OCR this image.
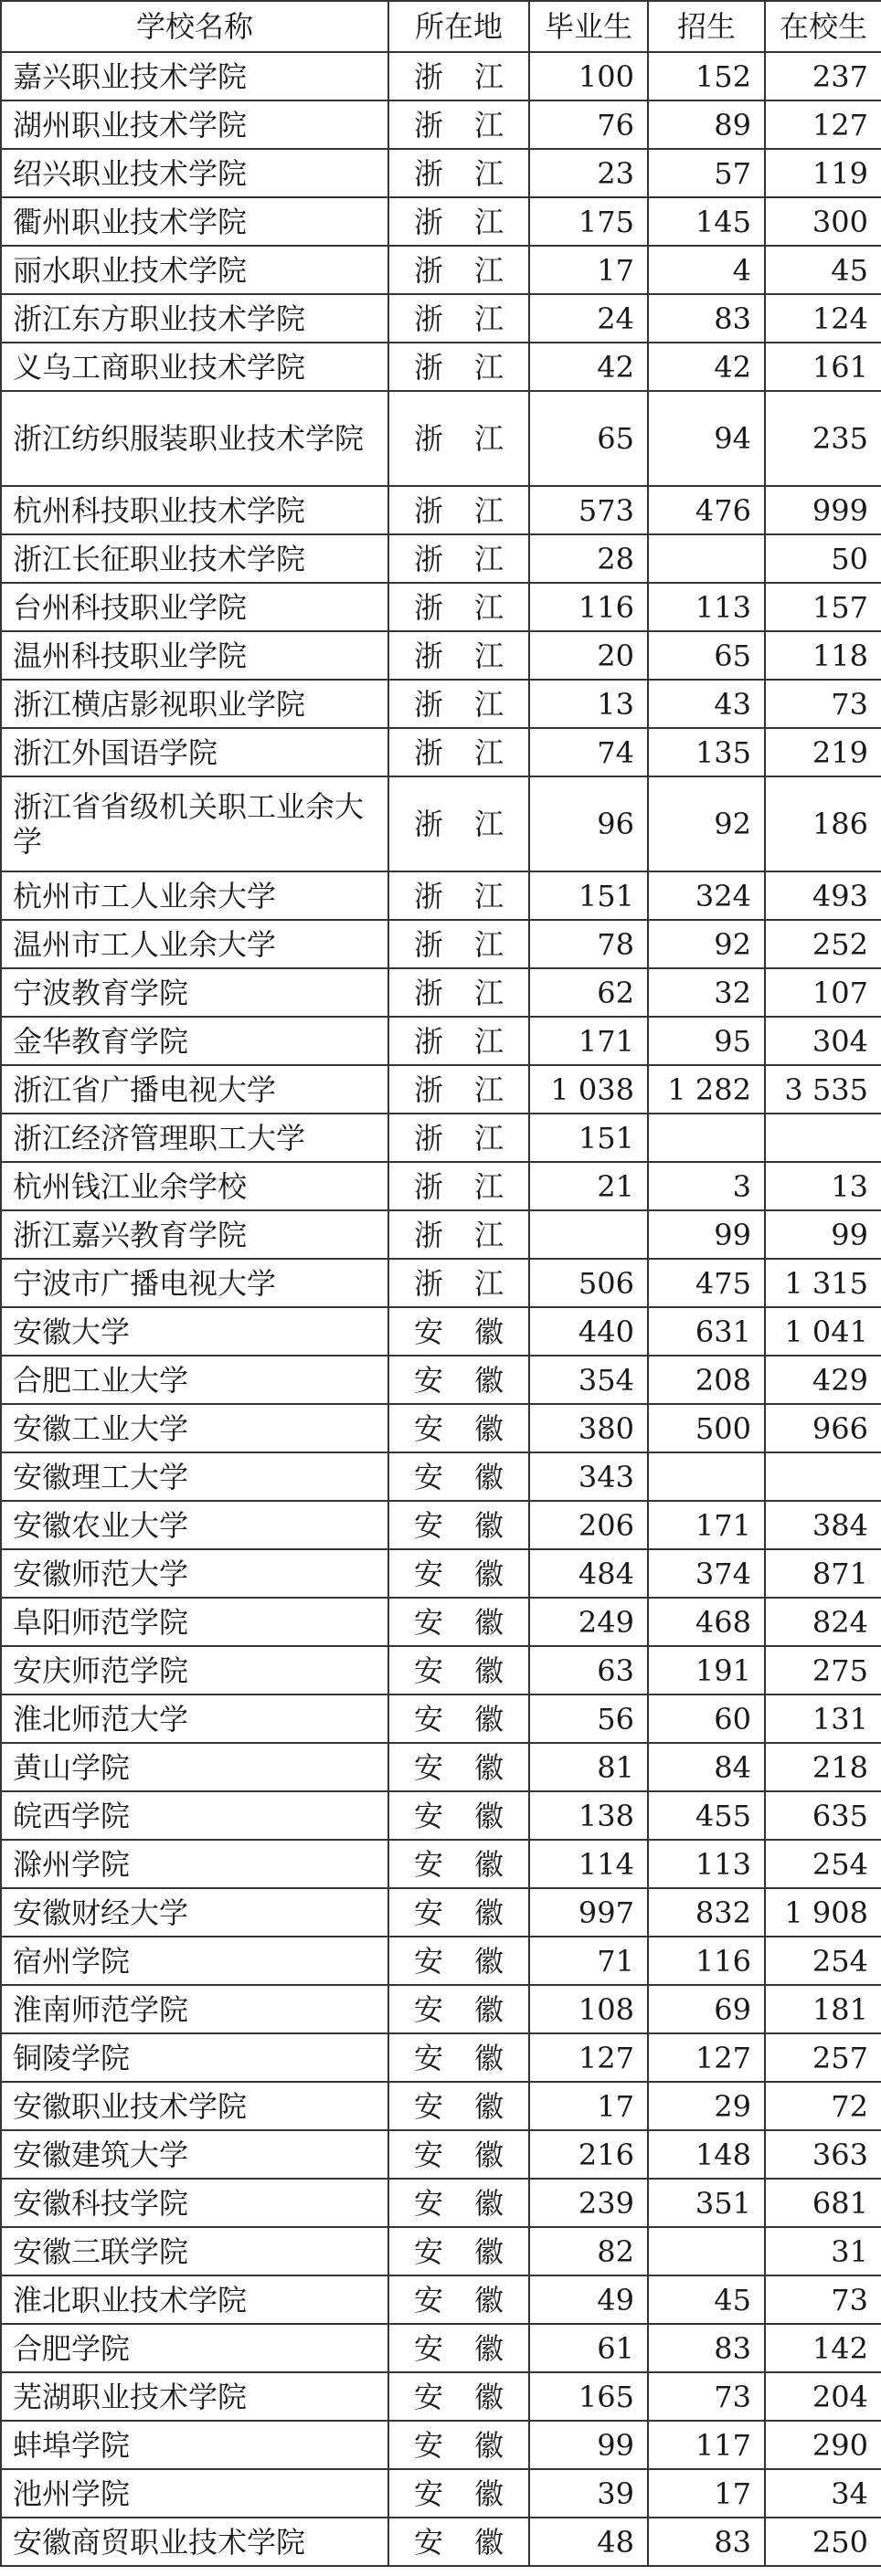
学校名称	所在地	毕业生	招生	在校生
嘉兴职业技术学院	浙 江	100	152	237
湖州职业技术学院	浙 江	76	89	127
绍兴职业技术学院	浙 江	23	57	119
衢州职业技术学院	浙 江	175	145	300
丽水职业技术学院	浙 江	17	4	45
浙江东方职业技术学院	浙 江	24	83	124
义乌工商职业技术学院	浙 江	42	42	161
浙江纺织服装职业技术学院	浙 江	65	94	235
杭州科技职业技术学院	浙 江	573	476	999
浙江长征职业技术学院	浙 江	28		50
台州科技职业学院	浙 江	116	113	157
温州科技职业学院	浙 江	20	65	118
浙江横店影视职业学院	浙 江	13	43	73
浙江外国语学院	浙 江	74	135	219
浙江省省级机关职工业余大学	浙 江	96	92	186
杭州市工人业余大学	浙 江	151	324	493
温州市工人业余大学	浙 江	78	92	252
宁波教育学院	浙 江	62	32	107
金华教育学院	浙 江	171	95	304
浙江省广播电视大学	浙 江	1 038	1 282	3 535
浙江经济管理职工大学	浙 江	151		
杭州钱江业余学校	浙 江	21	3	13
浙江嘉兴教育学院	浙 江		99	99
宁波市广播电视大学	浙 江	506	475	1 315
安徽大学	安 徽	440	631	1 041
合肥工业大学	安 徽	354	208	429
安徽工业大学	安 徽	380	500	966
安徽理工大学	安 徽	343		
安徽农业大学	安 徽	206	171	384
安徽师范大学	安 徽	484	374	871
阜阳师范学院	安 徽	249	468	824
安庆师范学院	安 徽	63	191	275
淮北师范大学	安 徽	56	60	131
黄山学院	安 徽	81	84	218
皖西学院	安 徽	138	455	635
滁州学院	安 徽	114	113	254
安徽财经大学	安 徽	997	832	1 908
宿州学院	安 徽	71	116	254
淮南师范学院	安 徽	108	69	181
铜陵学院	安 徽	127	127	257
安徽职业技术学院	安 徽	17	29	72
安徽建筑大学	安 徽	216	148	363
安徽科技学院	安 徽	239	351	681
安徽三联学院	安 徽	82		31
淮北职业技术学院	安 徽	49	45	73
合肥学院	安 徽	61	83	142
芜湖职业技术学院	安 徽	165	73	204
蚌埠学院	安 徽	99	117	290
池州学院	安 徽	39	17	34
安徽商贸职业技术学院	安 徽	48	83	250
